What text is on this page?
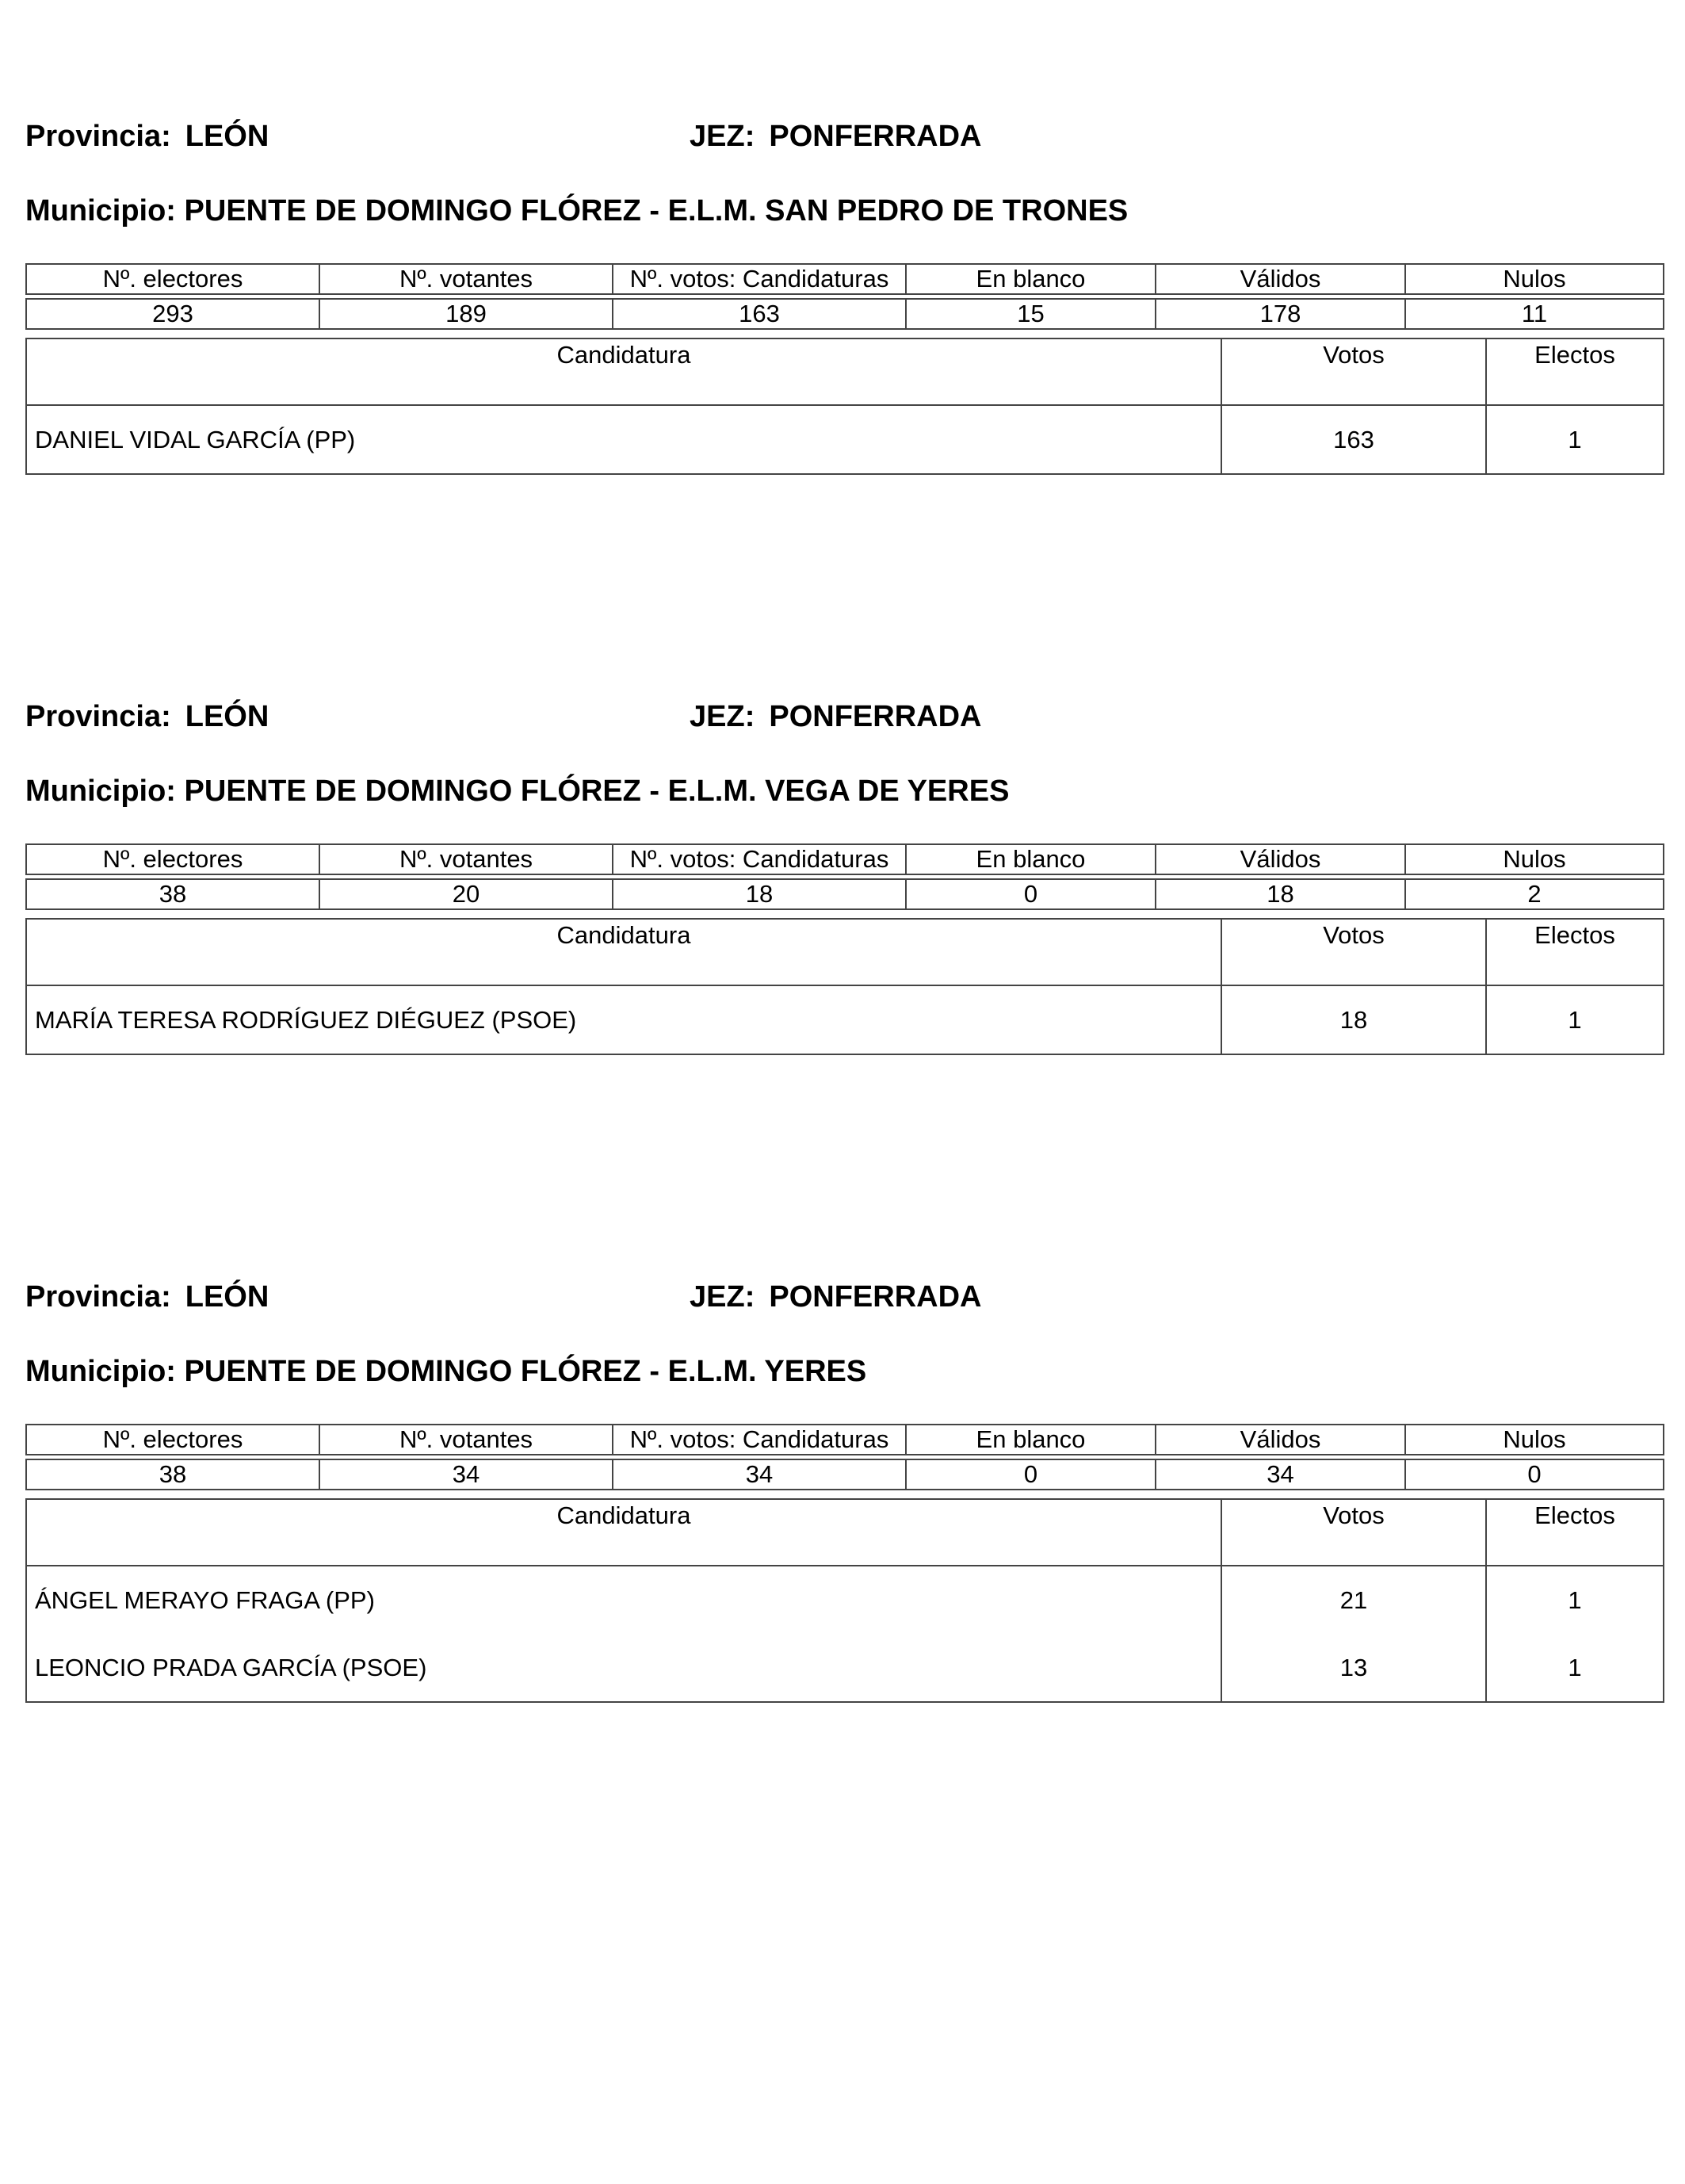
Provincia: LEÓN	JEZ: PONFERRADA
Municipio: PUENTE DE DOMINGO FLÓREZ - E.L.M. SAN PEDRO DE TRONES
Nº. electores	Nº. votantes	Nº. votos: Candidaturas	En blanco	Válidos	Nulos

293	189	163	15	178	11
Candidatura	Votos	Electos
DANIEL VIDAL GARCÍA (PP)	163	1
Provincia: LEÓN	JEZ: PONFERRADA
Municipio: PUENTE DE DOMINGO FLÓREZ - E.L.M. VEGA DE YERES
Nº. electores	Nº. votantes	Nº. votos: Candidaturas	En blanco	Válidos	Nulos

38	20	18	0	18	2
Candidatura	Votos	Electos
MARÍA TERESA RODRÍGUEZ DIÉGUEZ (PSOE)	18	1
Provincia: LEÓN	JEZ: PONFERRADA
Municipio: PUENTE DE DOMINGO FLÓREZ - E.L.M. YERES
Nº. electores	Nº. votantes	Nº. votos: Candidaturas	En blanco	Válidos	Nulos

38	34	34	0	34	0
Candidatura	Votos	Electos
ÁNGEL MERAYO FRAGA (PP)	21	1
LEONCIO PRADA GARCÍA (PSOE)	13	1
